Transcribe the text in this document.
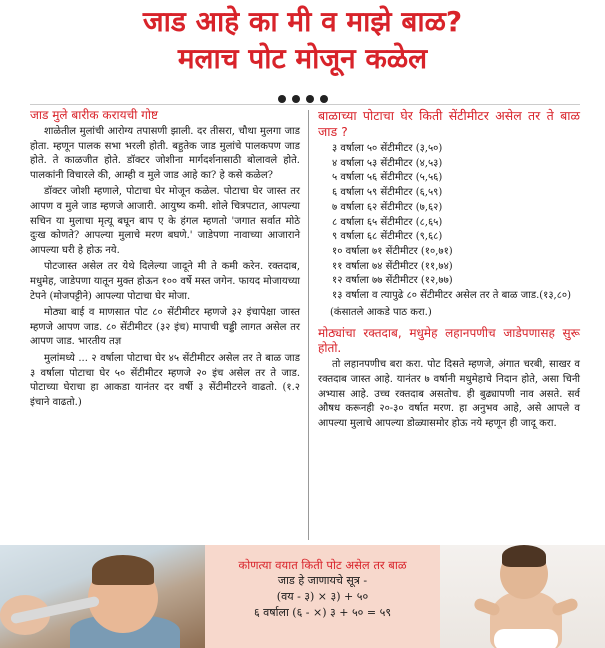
जाड आहे का मी व माझे बाळ?
मलाच पोट मोजून कळेल
जाड मुले बारीक करायची गोष्ट

शाळेतील मुलांची आरोग्य तपासणी झाली. दर तीसरा, चौथा मुलगा जाड होता. म्हणून पालक सभा भरली होती. बहुतेक जाड मुलांचे पालकपण जाड होते. ते काळजीत होते. डॉक्टर जोशीना मार्गदर्शनासाठी बोलावले होते. पालकांनी विचारले की, आम्ही व मुले जाड आहे का? हे कसे कळेल?

डॉक्टर जोशी म्हणाले, पोटाचा घेर मोजून कळेल. पोटाचा घेर जास्त तर आपण व मुले जाड म्हणजे आजारी. आयुष्य कमी. शोले चित्रपटात, आपल्या सचिन या मुलाचा मृत्यू बघून बाप ए के हंगल म्हणतो 'जगात सर्वात मोठे दुःख कोणते? आपल्या मुलाचे मरण बघणे.' जाडेपणा नावाच्या आजाराने आपल्या घरी हे होऊ नये.

पोटजास्त असेल तर येथे दिलेल्या जादूने मी ते कमी करेन. रक्तदाब, मधुमेह, जाडेपणा यातून मुक्त होऊन १०० वर्षे मस्त जगेन. फायद मोजायच्या टेपने (मोजपट्टीने) आपल्या पोटाचा घेर मोजा.

मोठ्या बाई व माणसात पोट ८० सेंटीमीटर म्हणजे ३२ इंचापेक्षा जास्त म्हणजे आपण जाड. ८० सेंटीमीटर (३२ इंच) मापाची चड्डी लागत असेल तर आपण जाड. भारतीय तज्ञ

मुलांमध्ये ... २ वर्षाला पोटाचा घेर ४५ सेंटीमीटर असेल तर ते बाळ जाड ३ वर्षाला पोटाचा घेर ५० सेंटीमीटर म्हणजे २० इंच असेल तर ते जाड. पोटाच्या घेराचा हा आकडा यानंतर दर वर्षी ३ सेंटीमीटरने वाढतो. (१.२ इंचाने वाढतो.)

बाळाच्या पोटाचा घेर किती सेंटीमीटर असेल तर ते बाळ जाड ?
३ वर्षाला ५० सेंटीमीटर (३,५०)
४ वर्षाला ५३ सेंटीमीटर (४,५३)
५ वर्षाला ५६ सेंटीमीटर (५,५६)
६ वर्षाला ५९ सेंटीमीटर (६,५९)
७ वर्षाला ६२ सेंटीमीटर (७,६२)
८ वर्षाला ६५ सेंटीमीटर (८,६५)
९ वर्षाला ६८ सेंटीमीटर (९,६८)
१० वर्षाला ७१ सेंटीमीटर (१०,७१)
११ वर्षाला ७४ सेंटीमीटर (११,७४)
१२ वर्षाला ७७ सेंटीमीटर (१२,७७)
१३ वर्षाला व त्यापुढे ८० सेंटीमीटर असेल तर ते बाळ जाड.(१३,८०)

(कंसातले आकडे पाठ करा.)

मोठ्यांचा रक्तदाब, मधुमेह लहानपणीच जाडेपणासह सुरू होतो.

तो लहानपणीच बरा करा. पोट दिसते म्हणजे, अंगात चरबी, साखर व रक्तदाब जास्त आहे. यानंतर ७ वर्षानी मधुमेहाचे निदान होते, असा चिनी अभ्यास आहे. उच्च रक्तदाब असतोच. ही बुढ्यापणी नाव असते. सर्व औषध करूनही २०-३० वर्षात मरण. हा अनुभव आहे, असे आपले व आपल्या मुलाचे आपल्या डोळ्यासमोर होऊ नये म्हणून ही जादू करा.

कोणत्या वयात किती पोट असेल तर बाळ
जाड हे जाणायचे सूत्र -
(वय - ३) × ३) + ५०
६ वर्षाला (६ - ×) ३ + ५० = ५९
